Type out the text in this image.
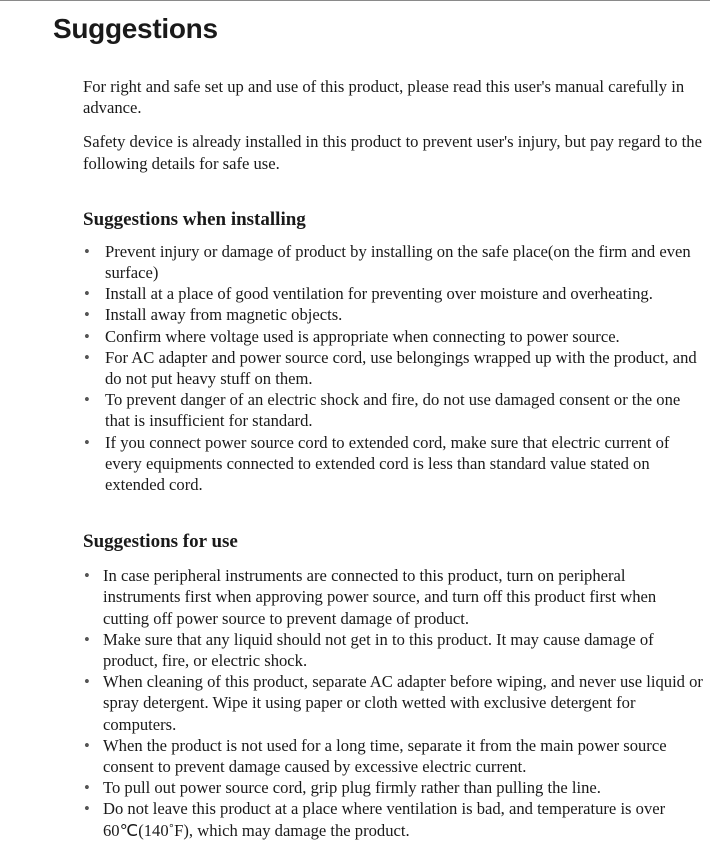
Suggestions

For right and safe set up and use of this product, please read this user's manual carefully in advance.

Safety device is already installed in this product to prevent user's injury, but pay regard to the following details for safe use.

Suggestions when installing
• Prevent injury or damage of product by installing on the safe place(on the firm and even surface)
• Install at a place of good ventilation for preventing over moisture and overheating.
• Install away from magnetic objects.
• Confirm where voltage used is appropriate when connecting to power source.
• For AC adapter and power source cord, use belongings wrapped up with the product, and do not put heavy stuff on them.
• To prevent danger of an electric shock and fire, do not use damaged consent or the one that is insufficient for standard.
• If you connect power source cord to extended cord, make sure that electric current of every equipments connected to extended cord is less than standard value stated on extended cord.
Suggestions for use
• In case peripheral instruments are connected to this product, turn on peripheral instruments first when approving power source, and turn off this product first when cutting off power source to prevent damage of product.
• Make sure that any liquid should not get in to this product. It may cause damage of product, fire, or electric shock.
• When cleaning of this product, separate AC adapter before wiping, and never use liquid or spray detergent. Wipe it using paper or cloth wetted with exclusive detergent for computers.
• When the product is not used for a long time, separate it from the main power source consent to prevent damage caused by excessive electric current.
• To pull out power source cord, grip plug firmly rather than pulling the line.
• Do not leave this product at a place where ventilation is bad, and temperature is over 60℃(140˚F), which may damage the product.
